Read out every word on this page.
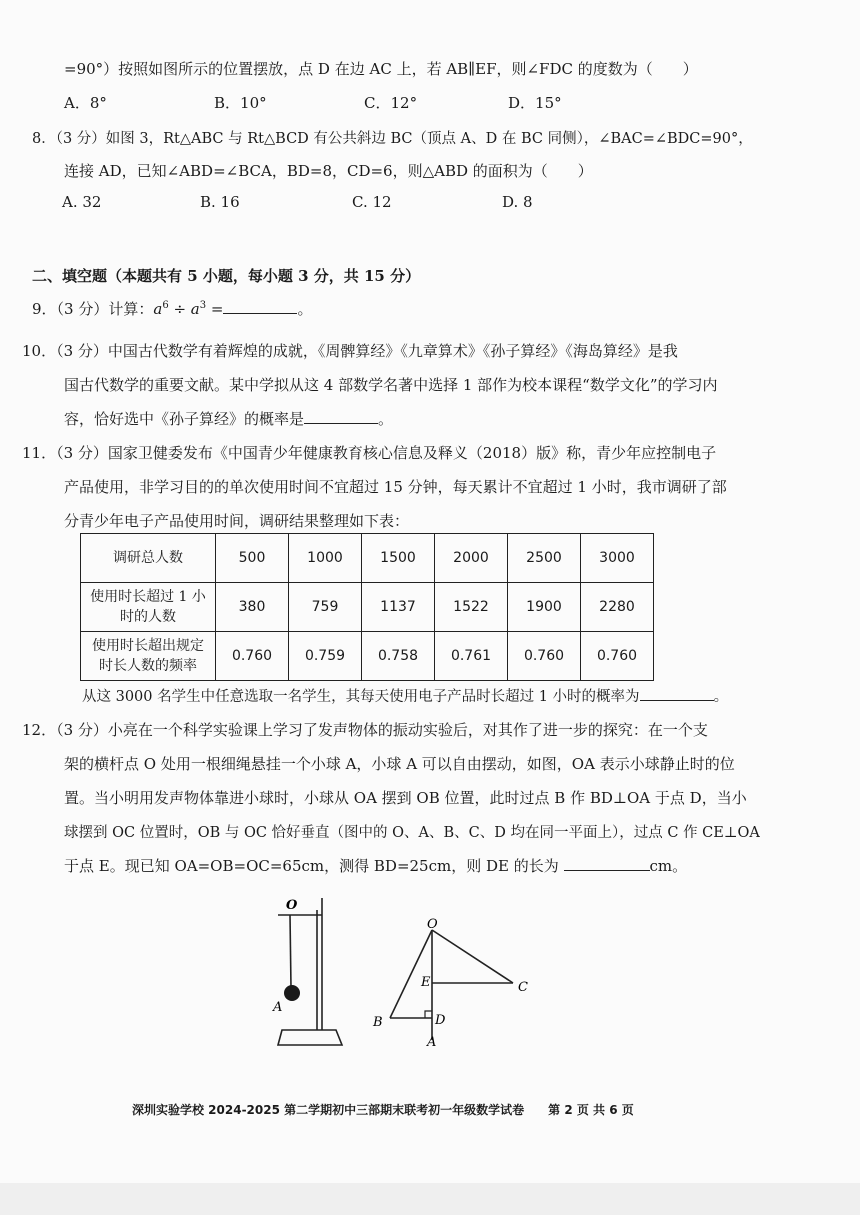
=90°）按照如图所示的位置摆放，点 D 在边 AC 上，若 AB∥EF，则∠FDC 的度数为（　　）
A．8°	B．10°	C．12°	D．15°
8．（3 分）如图 3，Rt△ABC 与 Rt△BCD 有公共斜边 BC（顶点 A、D 在 BC 同侧），∠BAC=∠BDC=90°，
连接 AD，已知∠ABD=∠BCA，BD=8，CD=6，则△ABD 的面积为（　　）
A. 32	B. 16	C. 12	D. 8
二、填空题（本题共有 5 小题，每小题 3 分，共 15 分）
9．（3 分）计算：$a^6 \div a^3$ =	。
10．（3 分）中国古代数学有着辉煌的成就，《周髀算经》《九章算术》《孙子算经》《海岛算经》是我
国古代数学的重要文献。某中学拟从这 4 部数学名著中选择 1 部作为校本课程“数学文化”的学习内
容，恰好选中《孙子算经》的概率是	。
11．（3 分）国家卫健委发布《中国青少年健康教育核心信息及释义（2018）版》称，青少年应控制电子
产品使用，非学习目的的单次使用时间不宜超过 15 分钟，每天累计不宜超过 1 小时，我市调研了部
分青少年电子产品使用时间，调研结果整理如下表：
调研总人数	500	1000	1500	2000	2500	3000
使用时长超过 1 小
时的人数	380	759	1137	1522	1900	2280
使用时长超出规定
时长人数的频率	0.760	0.759	0.758	0.761	0.760	0.760
从这 3000 名学生中任意选取一名学生，其每天使用电子产品时长超过 1 小时的概率为	。
12．（3 分）小亮在一个科学实验课上学习了发声物体的振动实验后，对其作了进一步的探究：在一个支
架的横杆点 O 处用一根细绳悬挂一个小球 A，小球 A 可以自由摆动，如图，OA 表示小球静止时的位
置。当小明用发声物体靠进小球时，小球从 OA 摆到 OB 位置，此时过点 B 作 BD⊥OA 于点 D，当小
球摆到 OC 位置时，OB 与 OC 恰好垂直（图中的 O、A、B、C、D 均在同一平面上），过点 C 作 CE⊥OA
于点 E。现已知 OA=OB=OC=65cm，测得 BD=25cm，则 DE 的长为	cm。
O
A
O
E	C
B	D
A
深圳实验学校 2024-2025 第二学期初中三部期末联考初一年级数学试卷　　第 2 页 共 6 页
